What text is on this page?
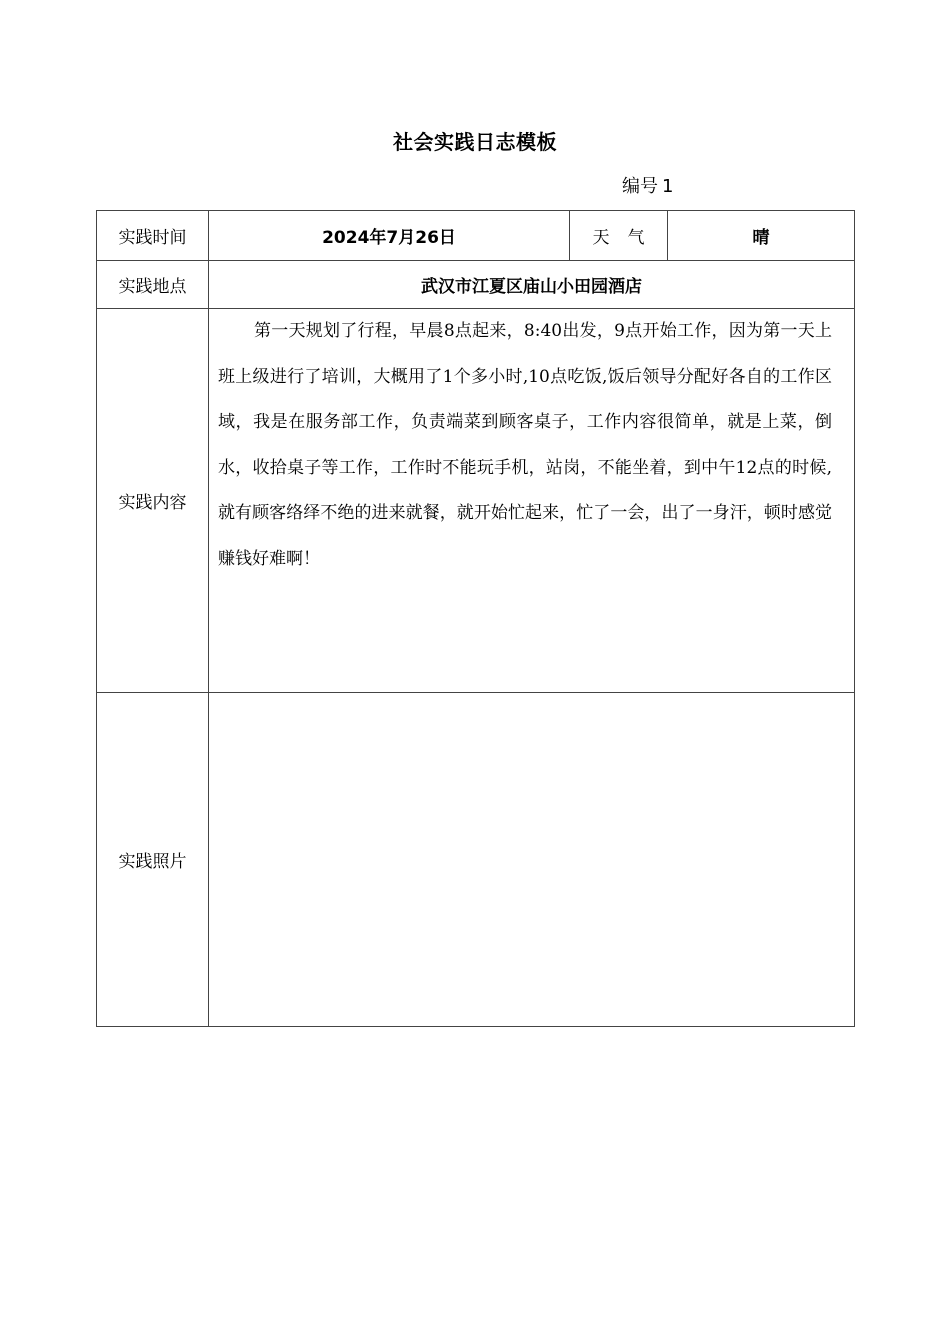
社会实践日志模板
编号 1
实践时间	2024年7月26日	天气	晴
实践地点	武汉市江夏区庙山小田园酒店		
实践内容	第一天规划了行程，早晨8点起来，8:40出发，9点开始工作，因为第一天上班上级进行了培训，大概用了1个多小时,10点吃饭,饭后领导分配好各自的工作区域，我是在服务部工作，负责端菜到顾客桌子，工作内容很简单，就是上菜，倒水，收拾桌子等工作，工作时不能玩手机，站岗，不能坐着，到中午12点的时候,就有顾客络绎不绝的进来就餐，就开始忙起来，忙了一会，出了一身汗，顿时感觉赚钱好难啊！		

实践照片			
